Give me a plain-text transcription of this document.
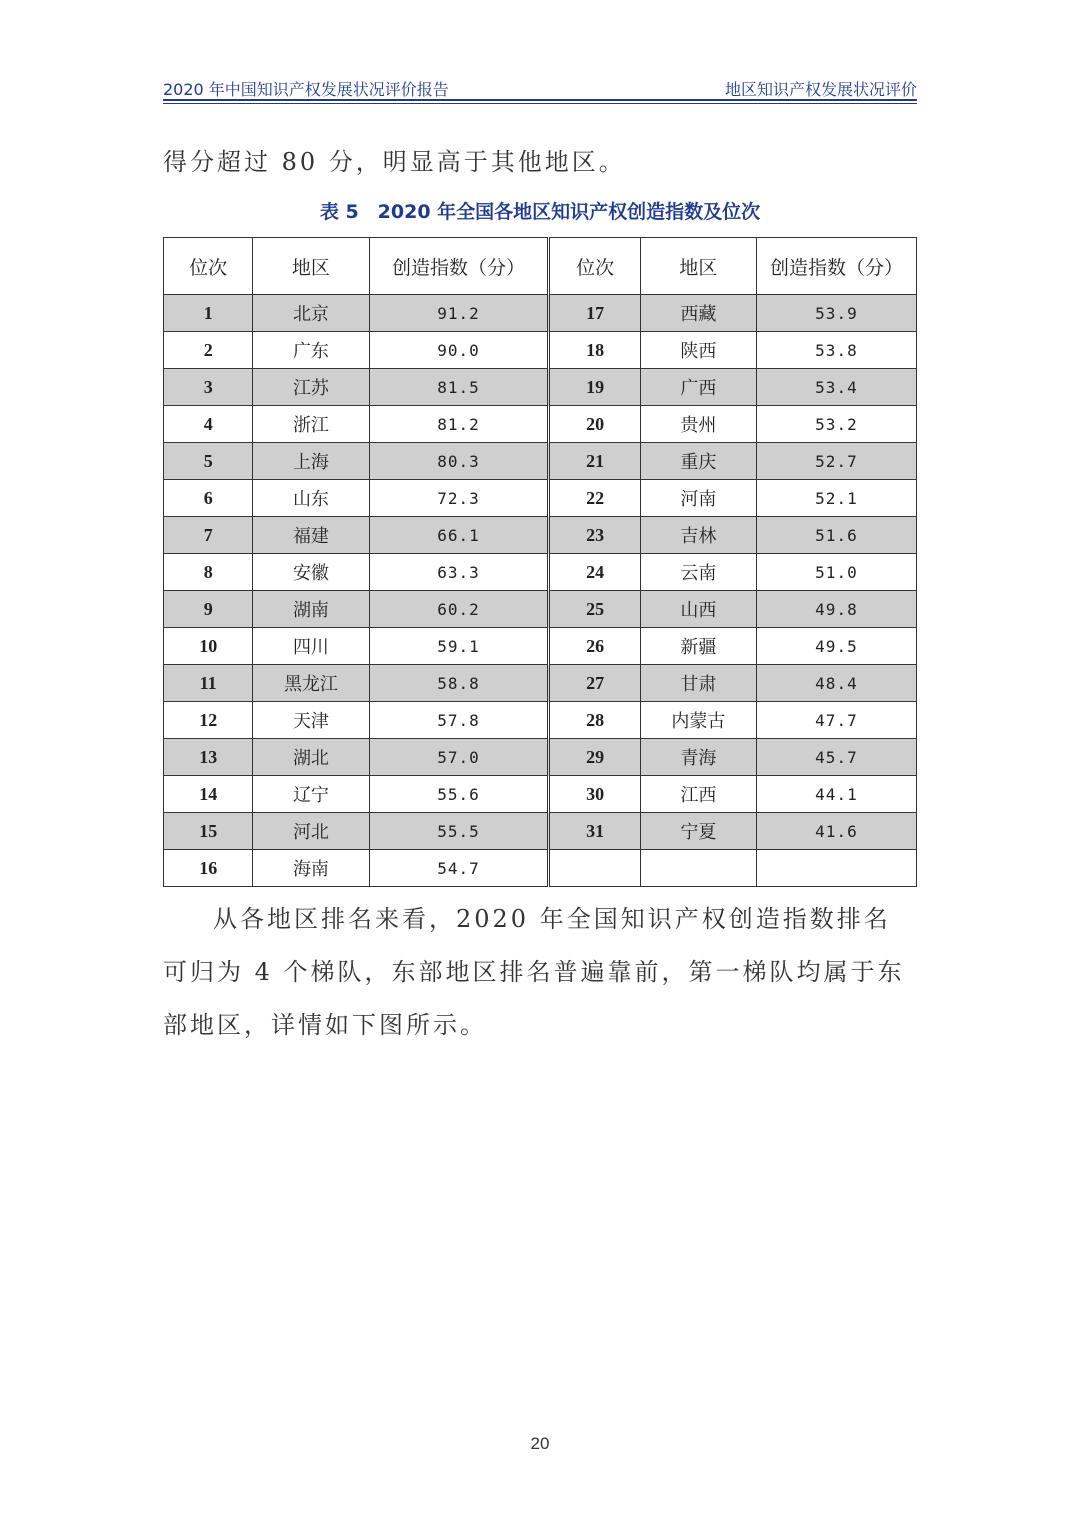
2020 年中国知识产权发展状况评价报告	地区知识产权发展状况评价
得分超过 80 分，明显高于其他地区。
表 5　2020 年全国各地区知识产权创造指数及位次
位次	地区	创造指数（分）	位次	地区	创造指数（分）
1	北京	91.2	17	西藏	53.9
2	广东	90.0	18	陕西	53.8
3	江苏	81.5	19	广西	53.4
4	浙江	81.2	20	贵州	53.2
5	上海	80.3	21	重庆	52.7
6	山东	72.3	22	河南	52.1
7	福建	66.1	23	吉林	51.6
8	安徽	63.3	24	云南	51.0
9	湖南	60.2	25	山西	49.8
10	四川	59.1	26	新疆	49.5
11	黑龙江	58.8	27	甘肃	48.4
12	天津	57.8	28	内蒙古	47.7
13	湖北	57.0	29	青海	45.7
14	辽宁	55.6	30	江西	44.1
15	河北	55.5	31	宁夏	41.6
16	海南	54.7			
从各地区排名来看，2020 年全国知识产权创造指数排名可归为 4 个梯队，东部地区排名普遍靠前，第一梯队均属于东部地区，详情如下图所示。
20
